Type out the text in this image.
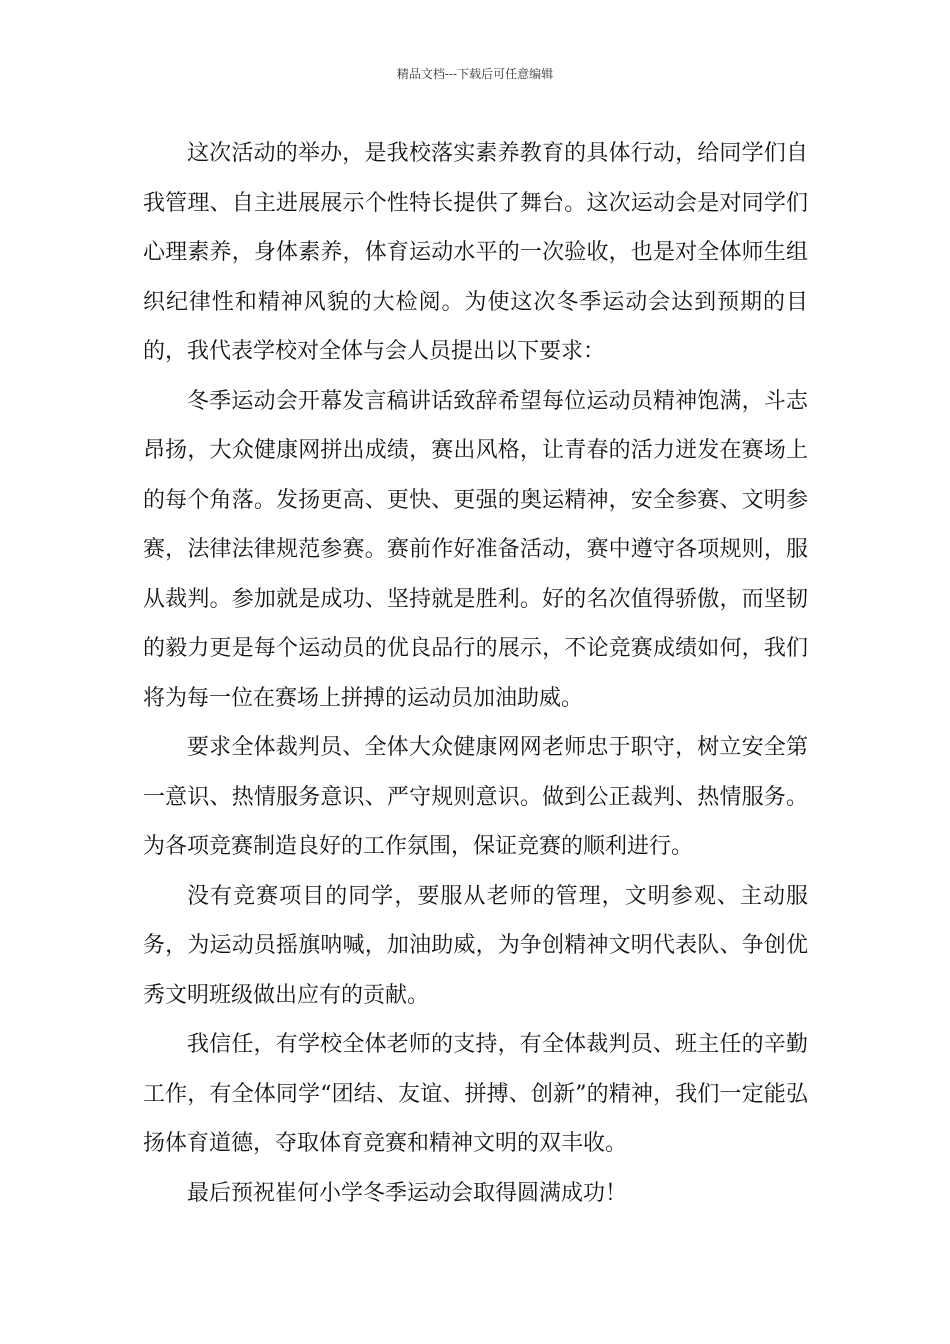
精品文档---下载后可任意编辑

这次活动的举办，是我校落实素养教育的具体行动，给同学们自我管理、自主进展展示个性特长提供了舞台。这次运动会是对同学们心理素养，身体素养，体育运动水平的一次验收，也是对全体师生组织纪律性和精神风貌的大检阅。为使这次冬季运动会达到预期的目的，我代表学校对全体与会人员提出以下要求：

冬季运动会开幕发言稿讲话致辞希望每位运动员精神饱满，斗志昂扬，大众健康网拼出成绩，赛出风格，让青春的活力迸发在赛场上的每个角落。发扬更高、更快、更强的奥运精神，安全参赛、文明参赛，法律法律规范参赛。赛前作好准备活动，赛中遵守各项规则，服从裁判。参加就是成功、坚持就是胜利。好的名次值得骄傲，而坚韧的毅力更是每个运动员的优良品行的展示，不论竞赛成绩如何，我们将为每一位在赛场上拼搏的运动员加油助威。

要求全体裁判员、全体大众健康网网老师忠于职守，树立安全第一意识、热情服务意识、严守规则意识。做到公正裁判、热情服务。为各项竞赛制造良好的工作氛围，保证竞赛的顺利进行。

没有竞赛项目的同学，要服从老师的管理，文明参观、主动服务，为运动员摇旗呐喊，加油助威，为争创精神文明代表队、争创优秀文明班级做出应有的贡献。

我信任，有学校全体老师的支持，有全体裁判员、班主任的辛勤工作，有全体同学“团结、友谊、拼搏、创新”的精神，我们一定能弘扬体育道德，夺取体育竞赛和精神文明的双丰收。

最后预祝崔何小学冬季运动会取得圆满成功！
